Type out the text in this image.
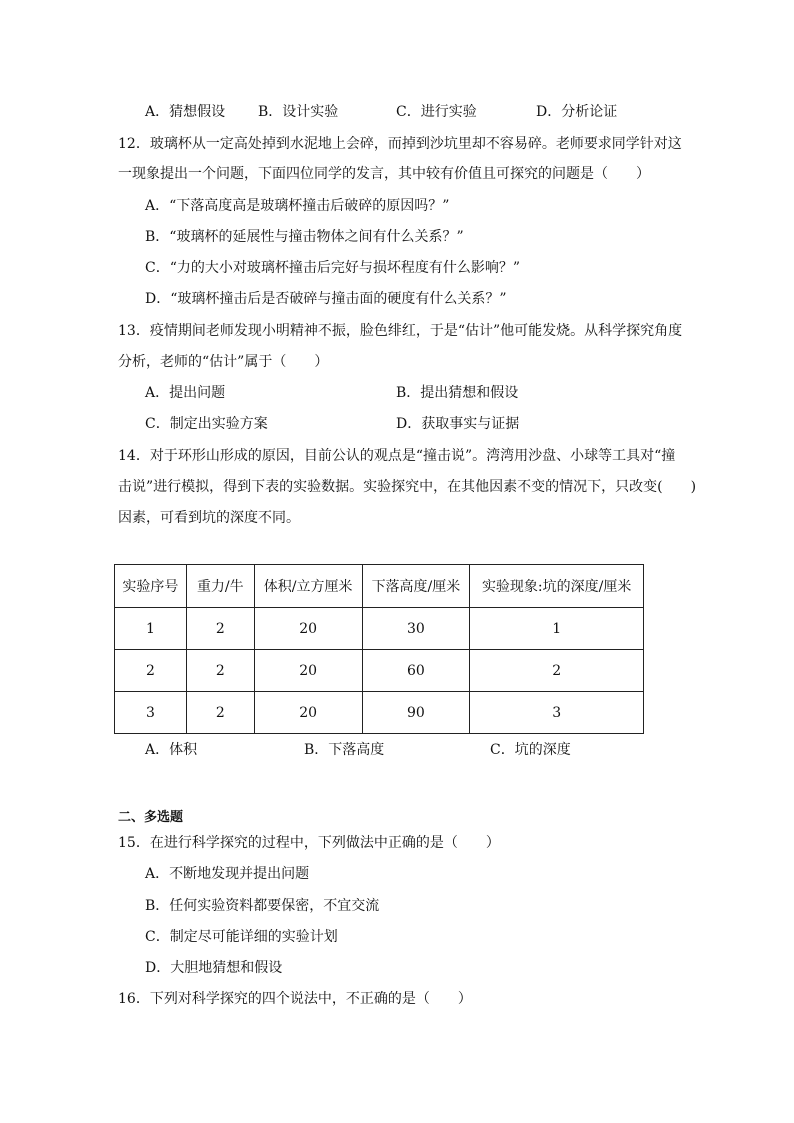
A．猜想假设 B．设计实验	C．进行实验	D．分析论证
12．玻璃杯从一定高处掉到水泥地上会碎，而掉到沙坑里却不容易碎。老师要求同学针对这
一现象提出一个问题，下面四位同学的发言，其中较有价值且可探究的问题是（　　）
A．“下落高度高是玻璃杯撞击后破碎的原因吗？”
B．“玻璃杯的延展性与撞击物体之间有什么关系？”
C．“力的大小对玻璃杯撞击后完好与损坏程度有什么影响？”
D．“玻璃杯撞击后是否破碎与撞击面的硬度有什么关系？”
13．疫情期间老师发现小明精神不振，脸色绯红，于是“估计”他可能发烧。从科学探究角度
分析，老师的“估计”属于（　　）
A．提出问题	B．提出猜想和假设
C．制定出实验方案	D．获取事实与证据
14．对于环形山形成的原因，目前公认的观点是“撞击说”。湾湾用沙盘、小球等工具对“撞
击说”进行模拟，得到下表的实验数据。实验探究中，在其他因素不变的情况下，只改变(　　)
因素，可看到坑的深度不同。
实验序号	重力/牛	体积/立方厘米	下落高度/厘米	实验现象:坑的深度/厘米
1	2	20	30	1
2	2	20	60	2
3	2	20	90	3
A．体积	B．下落高度	C．坑的深度
二、多选题
15．在进行科学探究的过程中，下列做法中正确的是（　　）
A．不断地发现并提出问题
B．任何实验资料都要保密，不宜交流
C．制定尽可能详细的实验计划
D．大胆地猜想和假设
16．下列对科学探究的四个说法中，不正确的是（　　）
